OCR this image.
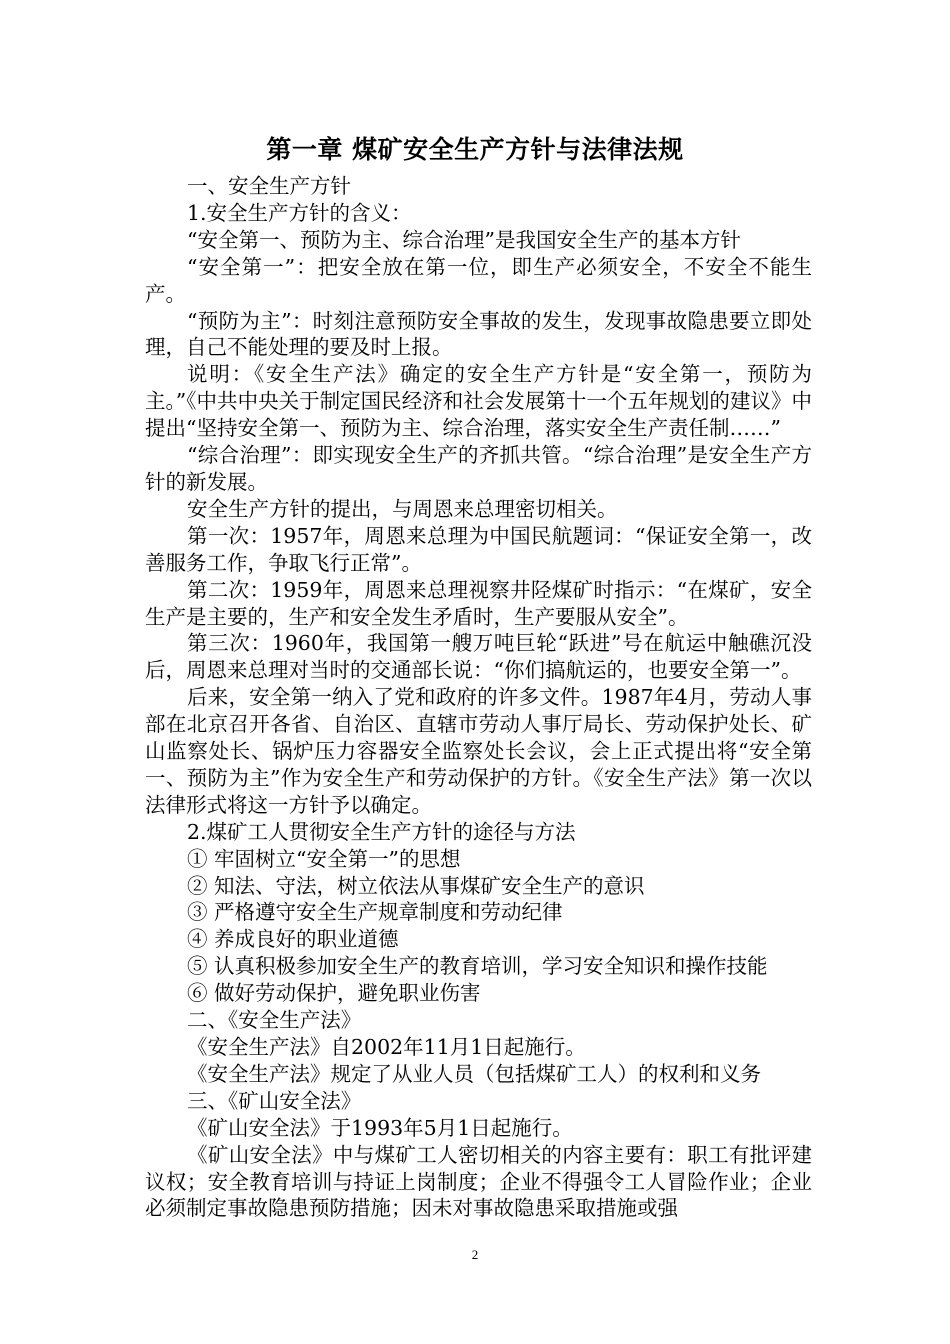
第一章 煤矿安全生产方针与法律法规

一、安全生产方针

1.安全生产方针的含义：

“安全第一、预防为主、综合治理”是我国安全生产的基本方针

“安全第一”：把安全放在第一位，即生产必须安全，不安全不能生产。

“预防为主”：时刻注意预防安全事故的发生，发现事故隐患要立即处理，自己不能处理的要及时上报。

说明：《安全生产法》确定的安全生产方针是“安全第一，预防为主。”《中共中央关于制定国民经济和社会发展第十一个五年规划的建议》中提出“坚持安全第一、预防为主、综合治理，落实安全生产责任制……”

“综合治理”：即实现安全生产的齐抓共管。“综合治理”是安全生产方针的新发展。

安全生产方针的提出，与周恩来总理密切相关。

第一次：1957年，周恩来总理为中国民航题词：“保证安全第一，改善服务工作，争取飞行正常”。

第二次：1959年，周恩来总理视察井陉煤矿时指示：“在煤矿，安全生产是主要的，生产和安全发生矛盾时，生产要服从安全”。

第三次：1960年，我国第一艘万吨巨轮“跃进”号在航运中触礁沉没后，周恩来总理对当时的交通部长说：“你们搞航运的，也要安全第一”。

后来，安全第一纳入了党和政府的许多文件。1987年4月，劳动人事部在北京召开各省、自治区、直辖市劳动人事厅局长、劳动保护处长、矿山监察处长、锅炉压力容器安全监察处长会议，会上正式提出将“安全第一、预防为主”作为安全生产和劳动保护的方针。《安全生产法》第一次以法律形式将这一方针予以确定。

2.煤矿工人贯彻安全生产方针的途径与方法

① 牢固树立“安全第一”的思想

② 知法、守法，树立依法从事煤矿安全生产的意识

③ 严格遵守安全生产规章制度和劳动纪律

④ 养成良好的职业道德

⑤ 认真积极参加安全生产的教育培训，学习安全知识和操作技能

⑥ 做好劳动保护，避免职业伤害

二、《安全生产法》

《安全生产法》自2002年11月1日起施行。

《安全生产法》规定了从业人员（包括煤矿工人）的权利和义务

三、《矿山安全法》

《矿山安全法》于1993年5月1日起施行。

《矿山安全法》中与煤矿工人密切相关的内容主要有：职工有批评建议权；安全教育培训与持证上岗制度；企业不得强令工人冒险作业；企业必须制定事故隐患预防措施；因未对事故隐患采取措施或强

2
